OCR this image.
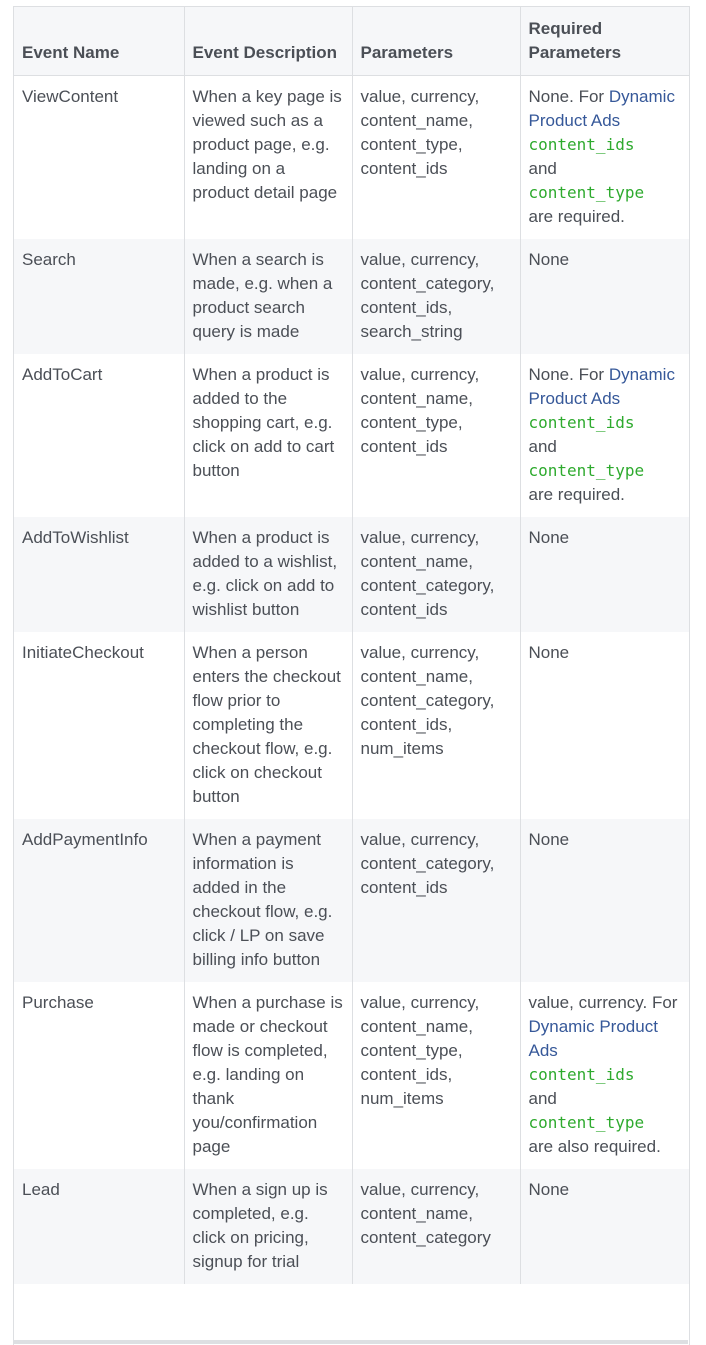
Event Name	Event Description	Parameters	Required Parameters
ViewContent	When a key page is viewed such as a product page, e.g. landing on a product detail page	value, currency, content_name, content_type, content_ids	None. For Dynamic Product Ads
content_ids
and
content_type
are required.
Search	When a search is made, e.g. when a product search query is made	value, currency, content_category, content_ids, search_string	None
AddToCart	When a product is added to the shopping cart, e.g. click on add to cart button	value, currency, content_name, content_type, content_ids	None. For Dynamic Product Ads
content_ids
and
content_type
are required.
AddToWishlist	When a product is added to a wishlist, e.g. click on add to wishlist button	value, currency, content_name, content_category, content_ids	None
InitiateCheckout	When a person enters the checkout flow prior to completing the checkout flow, e.g. click on checkout button	value, currency, content_name, content_category, content_ids, num_items	None
AddPaymentInfo	When a payment information is added in the checkout flow, e.g. click / LP on save billing info button	value, currency, content_category, content_ids	None
Purchase	When a purchase is made or checkout flow is completed, e.g. landing on thank you/confirmation page	value, currency, content_name, content_type, content_ids, num_items	value, currency. For Dynamic Product Ads
content_ids
and
content_type
are also required.
Lead	When a sign up is completed, e.g. click on pricing, signup for trial	value, currency, content_name, content_category	None
